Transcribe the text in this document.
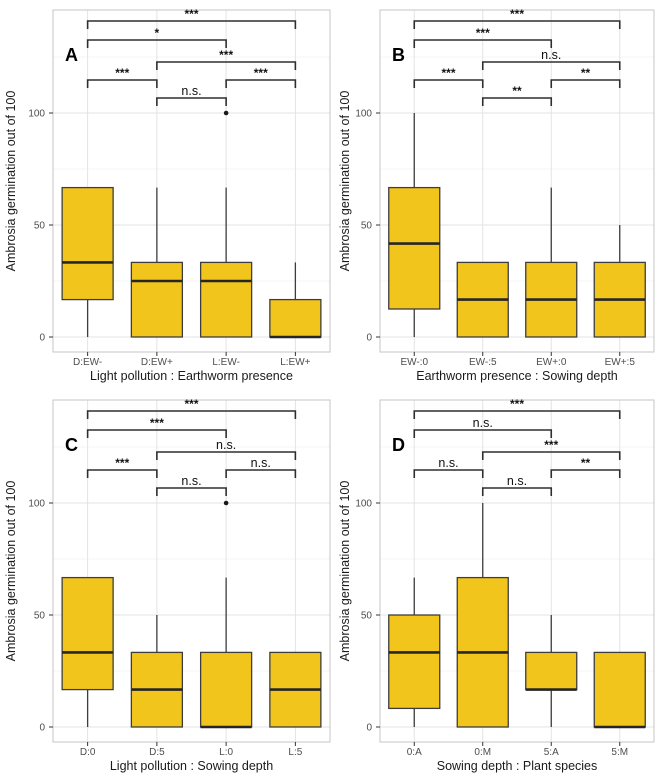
0
50
100
D:EW-	D:EW+	L:EW-	L:EW+
***
*
***
***	***
n.s.
A
Ambrosia germination out of 100
Light pollution : Earthworm presence
0
50
100
EW-:0	EW-:5	EW+:0	EW+:5
***
***
n.s.
***	**
**
B
Ambrosia germination out of 100
Earthworm presence : Sowing depth
0
50
100
D:0	D:5	L:0	L:5
***
***
n.s.
***	n.s.
n.s.
C
Ambrosia germination out of 100
Light pollution : Sowing depth
0
50
100
0:A	0:M	5:A	5:M
***
n.s.
***
n.s.	**
n.s.
D
Ambrosia germination out of 100
Sowing depth : Plant species
